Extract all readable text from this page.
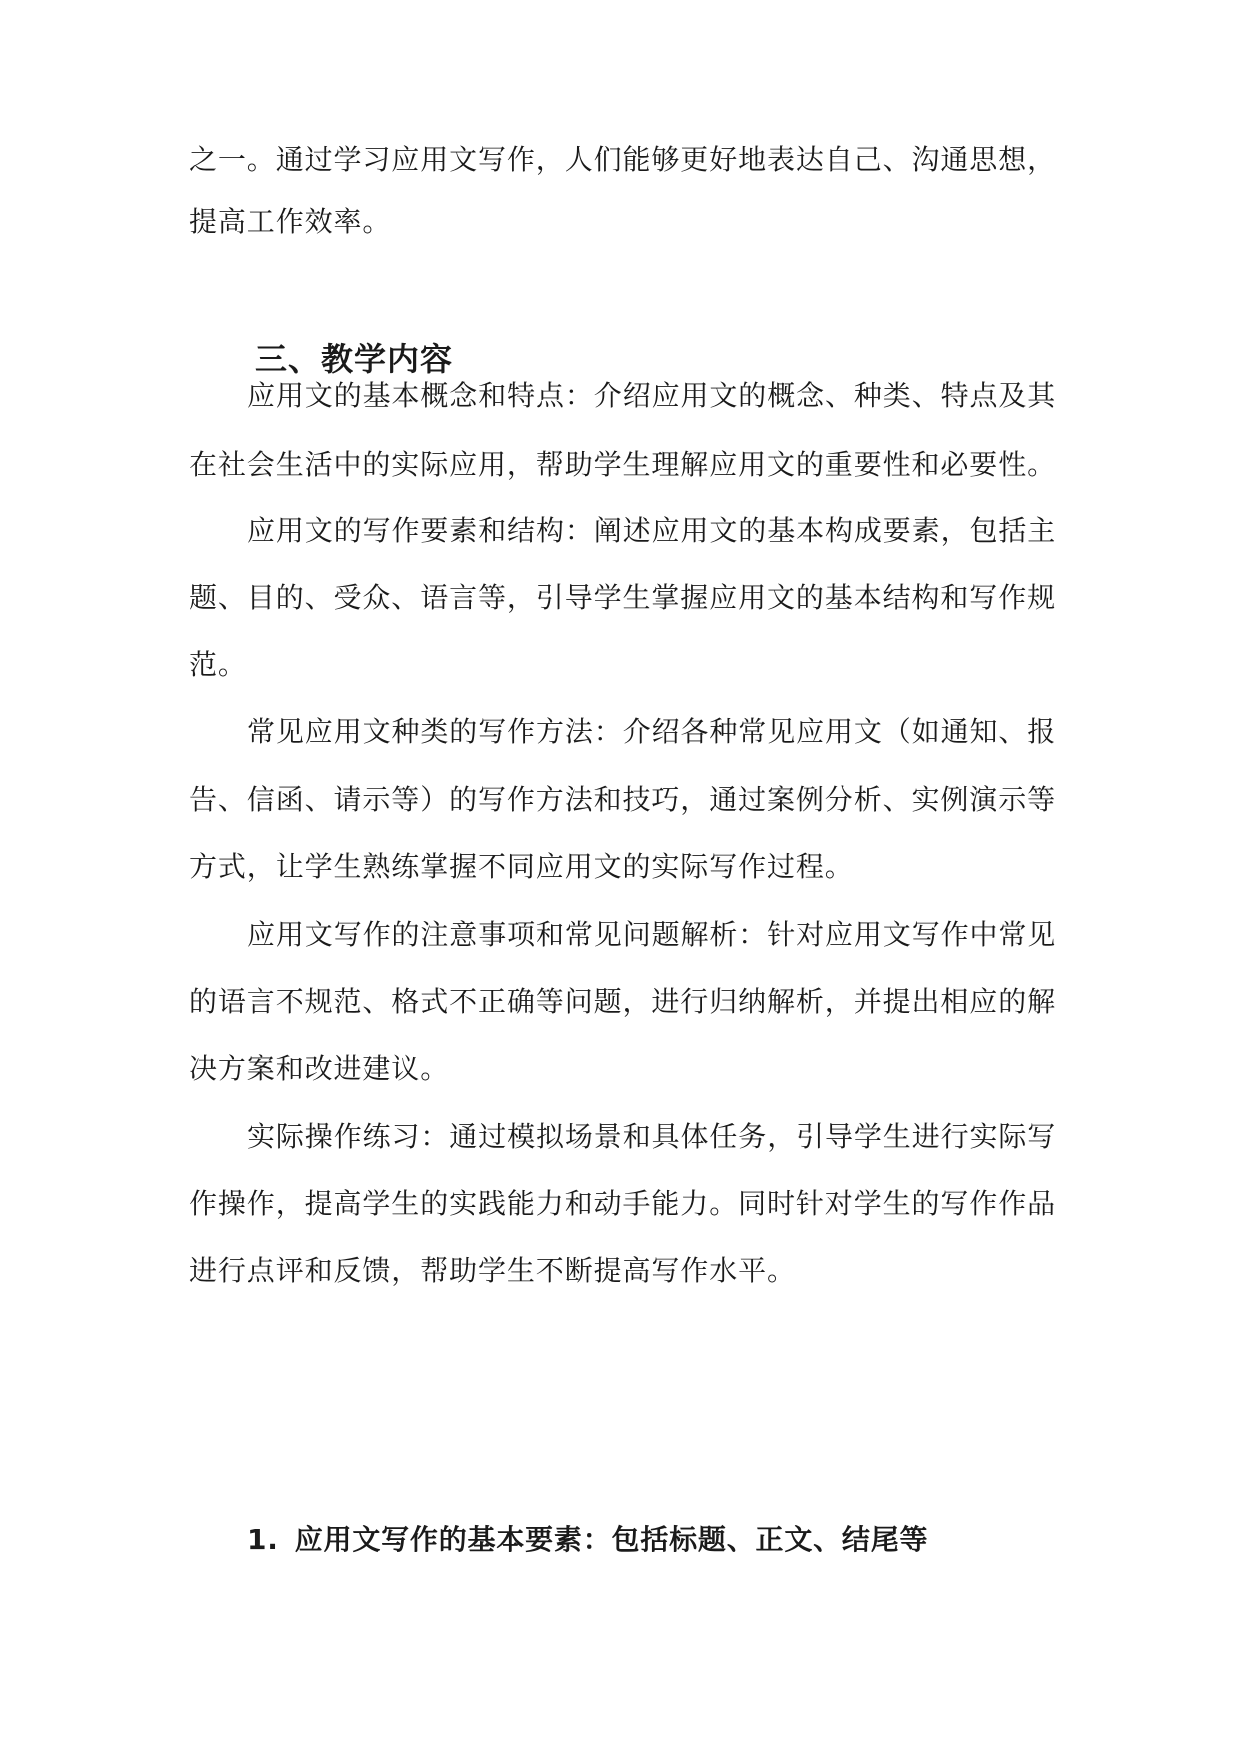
之一。通过学习应用文写作，人们能够更好地表达自己、沟通思想，
提高工作效率。
三、教学内容
应用文的基本概念和特点：介绍应用文的概念、种类、特点及其
在社会生活中的实际应用，帮助学生理解应用文的重要性和必要性。
应用文的写作要素和结构：阐述应用文的基本构成要素，包括主
题、目的、受众、语言等，引导学生掌握应用文的基本结构和写作规
范。
常见应用文种类的写作方法：介绍各种常见应用文（如通知、报
告、信函、请示等）的写作方法和技巧，通过案例分析、实例演示等
方式，让学生熟练掌握不同应用文的实际写作过程。
应用文写作的注意事项和常见问题解析：针对应用文写作中常见
的语言不规范、格式不正确等问题，进行归纳解析，并提出相应的解
决方案和改进建议。
实际操作练习：通过模拟场景和具体任务，引导学生进行实际写
作操作，提高学生的实践能力和动手能力。同时针对学生的写作作品
进行点评和反馈，帮助学生不断提高写作水平。
1. 应用文写作的基本要素：包括标题、正文、结尾等
